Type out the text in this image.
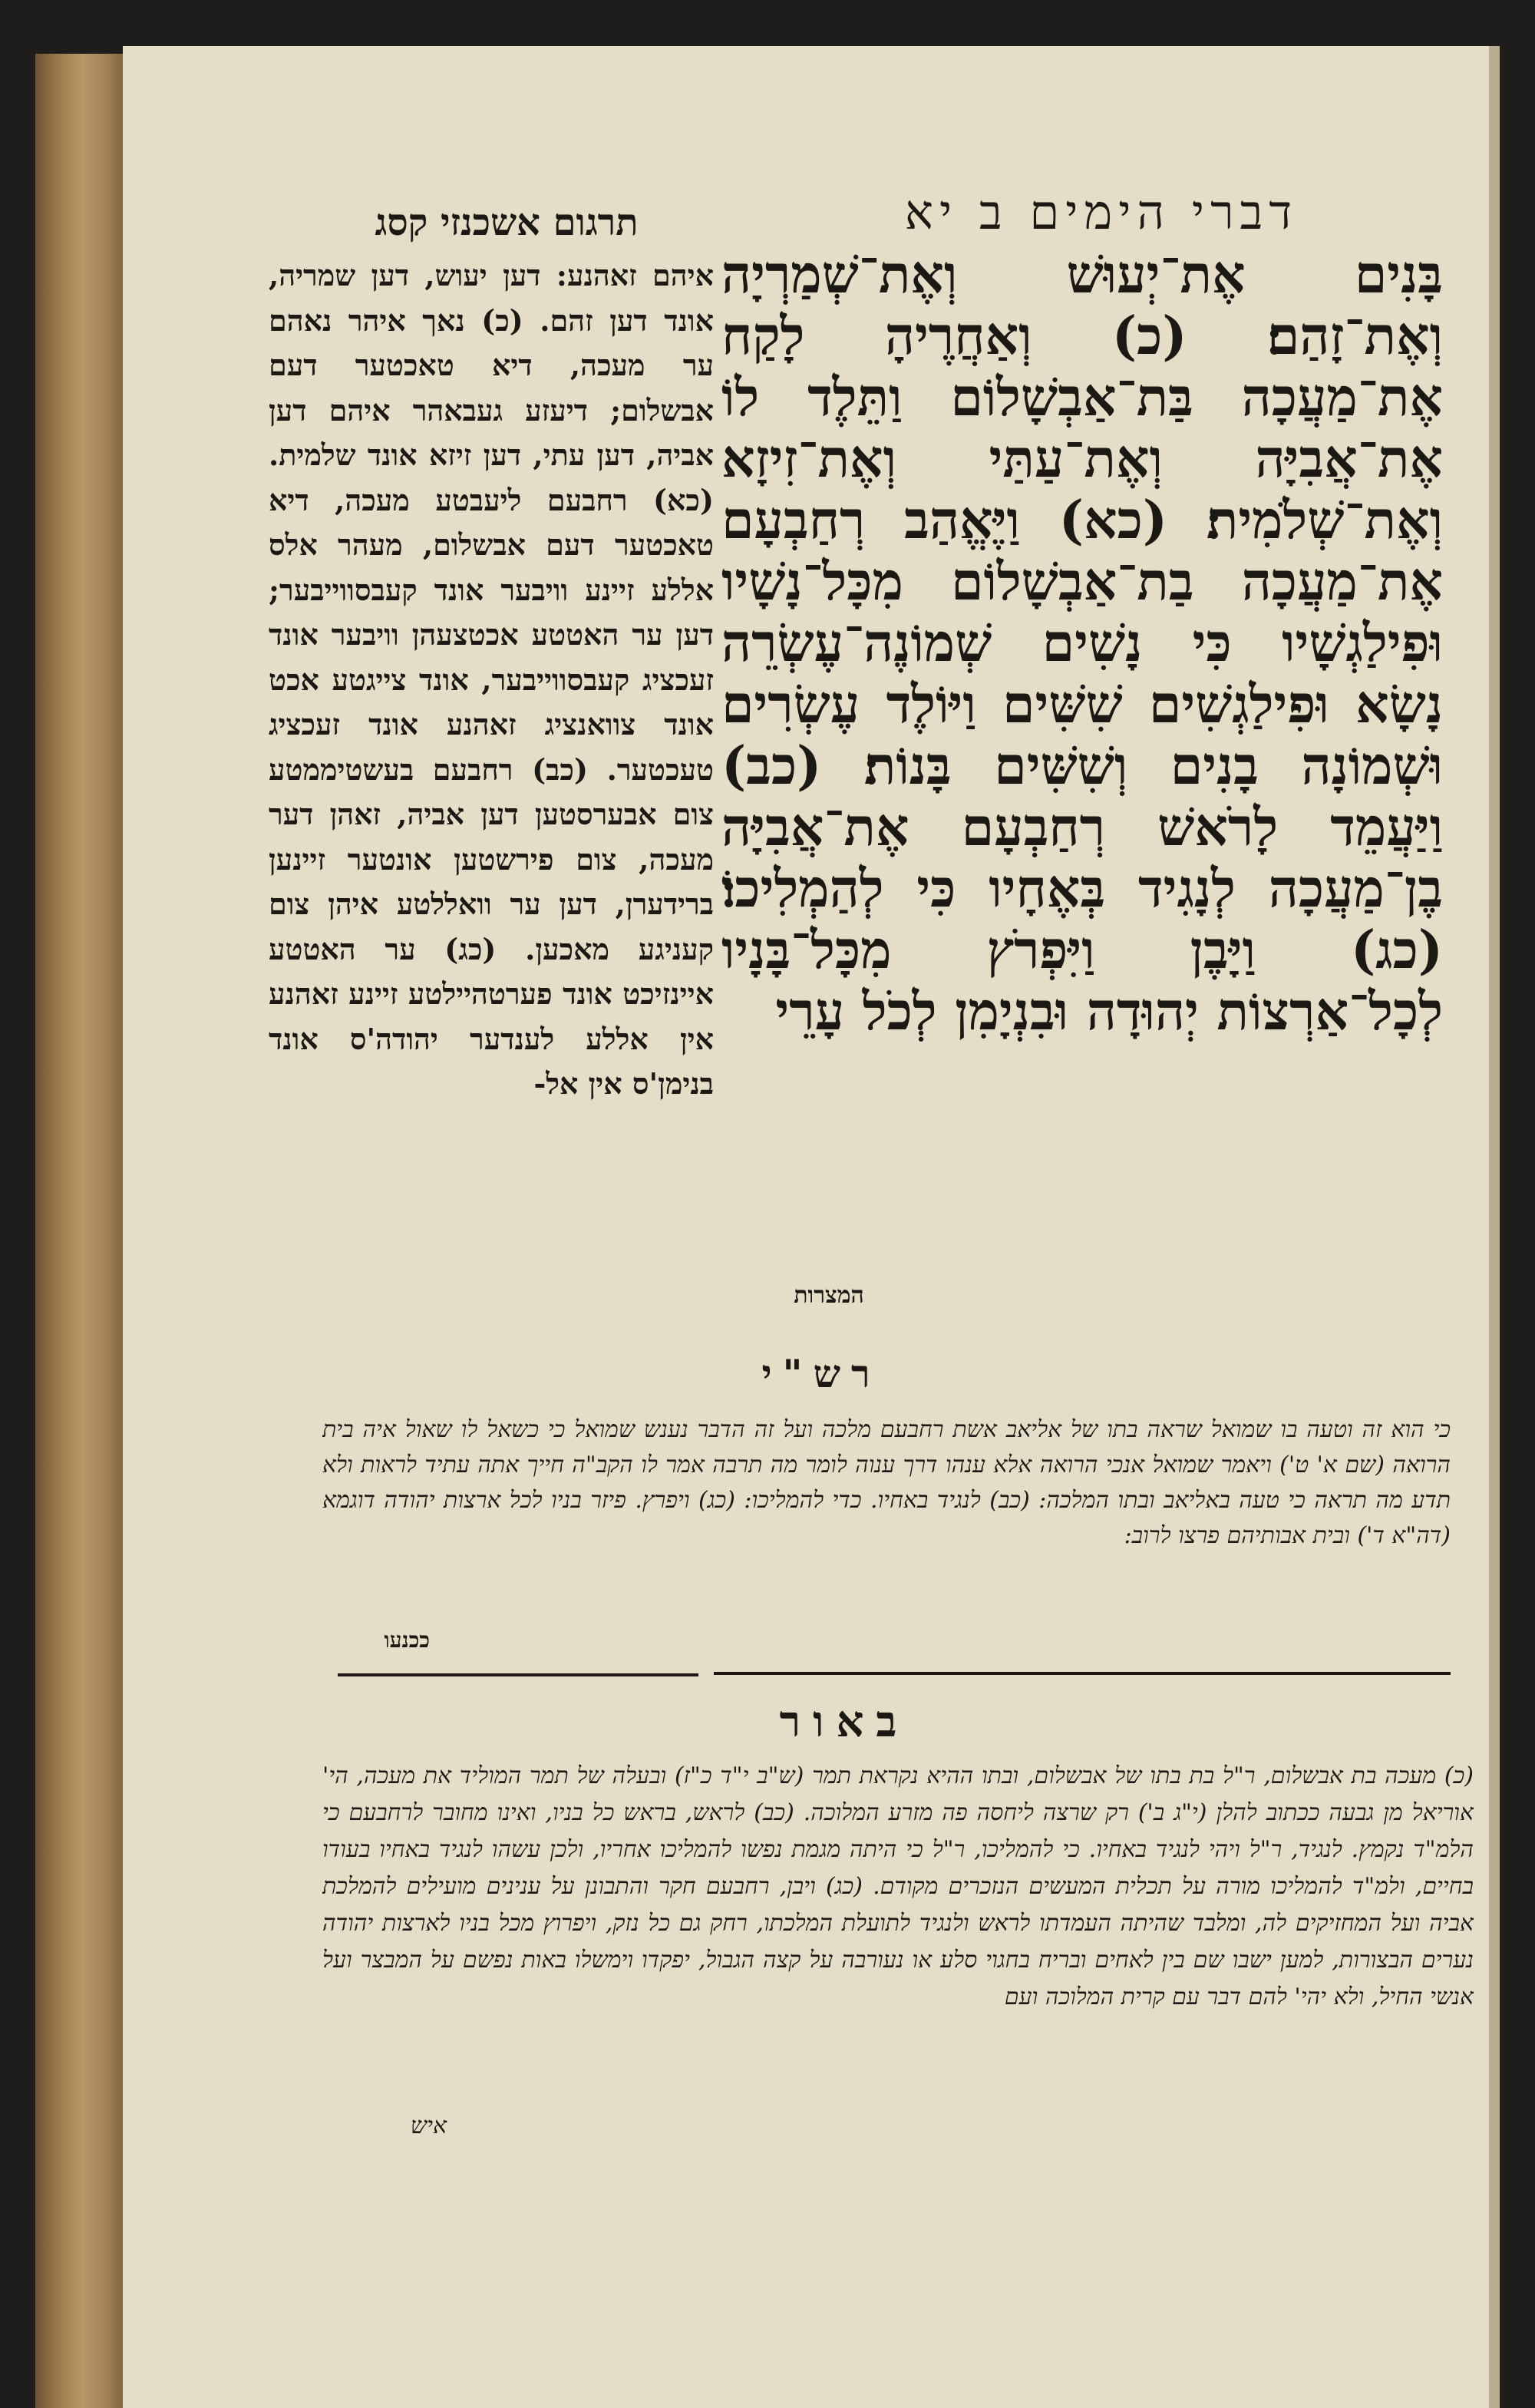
דברי הימים ב יא
תרגום אשכנזי קסג
בָּנִים אֶת־יְעוּשׁ וְאֶת־שְׁמַרְיָה וְאֶת־זָהַם׃ (כ) וְאַחֲרֶיהָ לָקַח אֶת־מַעֲכָה בַּת־אַבְשָׁלוֹם וַתֵּלֶד לוֹ אֶת־אֲבִיָּה וְאֶת־עַתַּי וְאֶת־זִיזָא וְאֶת־שְׁלֹמִית׃ (כא) וַיֶּאֱהַב רְחַבְעָם אֶת־מַעֲכָה בַת־אַבְשָׁלוֹם מִכָּל־נָשָׁיו וּפִילַגְשָׁיו כִּי נָשִׁים שְׁמוֹנֶה־עֶשְׂרֵה נָשָׂא וּפִילַגְשִׁים שִׁשִּׁים וַיּוֹלֶד עֶשְׂרִים וּשְׁמוֹנָה בָנִים וְשִׁשִּׁים בָּנוֹת׃ (כב) וַיַּעֲמֵד לָרֹאשׁ רְחַבְעָם אֶת־אֲבִיָּה בֶן־מַעֲכָה לְנָגִיד בְּאֶחָיו כִּי לְהַמְלִיכוֹ׃ (כג) וַיָּבֶן וַיִּפְרֹץ מִכָּל־בָּנָיו לְכָל־אַרְצוֹת יְהוּדָה וּבִנְיָמִן לְכֹל עָרֵי
המצרות
איהם זאהנע: דען יעוש, דען שמריה, אונד דען זהם. (כ) נאך איהר נאהם ער מעכה, דיא טאכטער דעם אבשלום; דיעזע געבאהר איהם דען אביה, דען עתי, דען זיזא אונד שלמית. (כא) רחבעם ליעבטע מעכה, דיא טאכטער דעם אבשלום, מעהר אלס אללע זיינע וויבער אונד קעבסווייבער; דען ער האטטע אכטצעהן וויבער אונד זעכציג קעבסווייבער, אונד צייגטע אכט אונד צוואנציג זאהנע אונד זעכציג טעכטער. (כב) רחבעם בעשטיממטע צום אבערסטען דען אביה, זאהן דער מעכה, צום פירשטען אונטער זיינען ברידערן, דען ער וואללטע איהן צום קעניגע מאכען. (כג) ער האטטע איינזיכט אונד פערטהיילטע זיינע זאהנע אין אללע לענדער יהודה'ס אונד בנימן'ס אין אל-
רש"י
כי הוא זה וטעה בו שמואל שראה בתו של אליאב אשת רחבעם מלכה ועל זה הדבר נענש שמואל כי כשאל לו שאול איה בית הרואה (שם א' ט') ויאמר שמואל אנכי הרואה אלא ענהו דרך ענוה לומר מה תרבה אמר לו הקב"ה חייך אתה עתיד לראות ולא תדע מה תראה כי טעה באליאב ובתו המלכה: (כב) לנגיד באחיו. כדי להמליכו: (כג) ויפרץ. פיזר בניו לכל ארצות יהודה דוגמא (דה"א ד') ובית אבותיהם פרצו לרוב:
ככנעו
באור
(כ) מעכה בת אבשלום, ר"ל בת בתו של אבשלום, ובתו ההיא נקראת תמר (ש"ב י"ד כ"ז) ובעלה של תמר המוליד את מעכה, הי' אוריאל מן גבעה ככתוב להלן (י"ג ב') רק שרצה ליחסה פה מזרע המלוכה. (כב) לראש, בראש כל בניו, ואינו מחובר לרחבעם כי הלמ"ד נקמץ. לנגיד, ר"ל ויהי לנגיד באחיו. כי להמליכו, ר"ל כי היתה מגמת נפשו להמליכו אחריו, ולכן עשהו לנגיד באחיו בעודו בחיים, ולמ"ד להמליכו מורה על תכלית המעשים הנזכרים מקודם. (כג) ויבן, רחבעם חקר והתבונן על ענינים מועילים להמלכת אביה ועל המחזיקים לה, ומלבד שהיתה העמדתו לראש ולנגיד לתועלת המלכתו, רחק גם כל נזק, ויפרוץ מכל בניו לארצות יהודה נערים הבצורות, למען ישבו שם בין לאחים ובריח בחגוי סלע או נעורבה על קצה הגבול, יפקדו וימשלו באות נפשם על המבצר ועל אנשי החיל, ולא יהי' להם דבר עם קרית המלוכה ועם
איש
